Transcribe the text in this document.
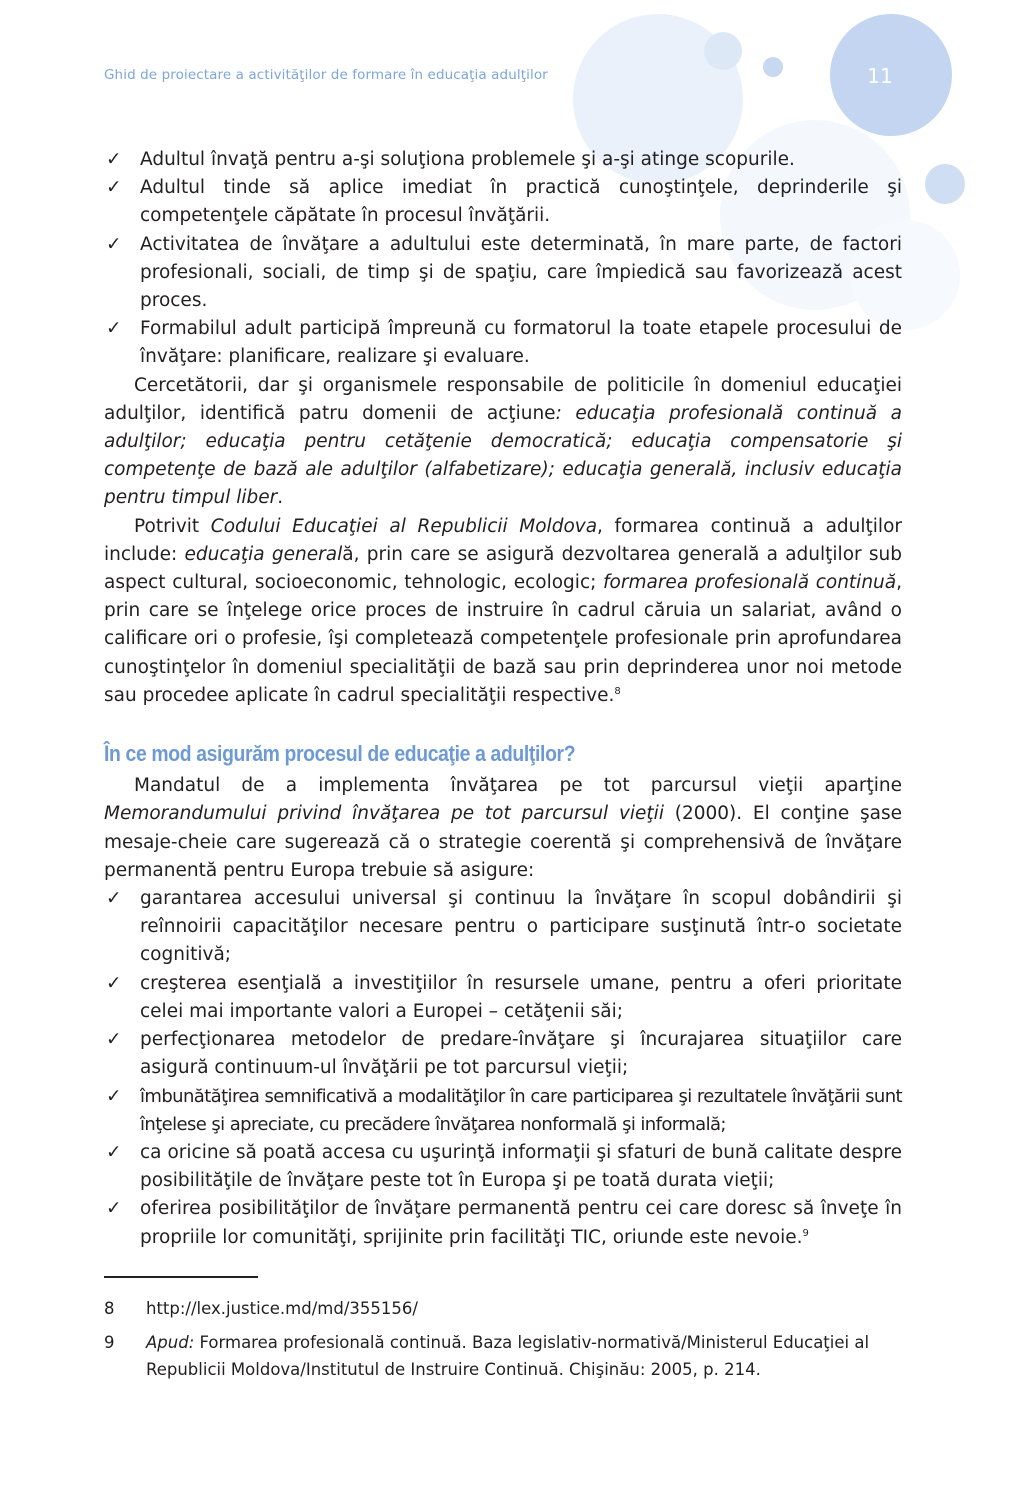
Ghid de proiectare a activităţilor de formare în educaţia adulţilor	11
✓ Adultul învaţă pentru a-şi soluţiona problemele şi a-şi atinge scopurile.
✓ Adultul tinde să aplice imediat în practică cunoştinţele, deprinderile şi competenţele căpătate în procesul învăţării.
✓ Activitatea de învăţare a adultului este determinată, în mare parte, de factori profesionali, sociali, de timp şi de spaţiu, care împiedică sau favorizează acest proces.
✓ Formabilul adult participă împreună cu formatorul la toate etapele procesului de învăţare: planificare, realizare şi evaluare.

Cercetătorii, dar şi organismele responsabile de politicile în domeniul educaţiei adulţilor, identifică patru domenii de acţiune: educaţia profesională continuă a adulţilor; educaţia pentru cetăţenie democratică; educaţia compensatorie şi competenţe de bază ale adulţilor (alfabetizare); educaţia generală, inclusiv educaţia pentru timpul liber.

Potrivit Codului Educaţiei al Republicii Moldova, formarea continuă a adulţilor include: educaţia generală, prin care se asigură dezvoltarea generală a adulţilor sub aspect cultural, socioeconomic, tehnologic, ecologic; formarea profesională continuă, prin care se înţelege orice proces de instruire în cadrul căruia un salariat, având o calificare ori o profesie, îşi completează competenţele profesionale prin aprofundarea cunoştinţelor în domeniul specialităţii de bază sau prin deprinderea unor noi metode sau procedee aplicate în cadrul specialităţii respective.$^8$

În ce mod asigurăm procesul de educaţie a adulţilor?

Mandatul de a implementa învăţarea pe tot parcursul vieţii aparţine Memorandumului privind învăţarea pe tot parcursul vieţii (2000). El conţine şase mesaje-cheie care sugerează că o strategie coerentă şi comprehensivă de învăţare permanentă pentru Europa trebuie să asigure:

✓ garantarea accesului universal şi continuu la învăţare în scopul dobândirii şi reînnoirii capacităţilor necesare pentru o participare susţinută într-o societate cognitivă;
✓ creşterea esenţială a investiţiilor în resursele umane, pentru a oferi prioritate celei mai importante valori a Europei – cetăţenii săi;
✓ perfecţionarea metodelor de predare-învăţare şi încurajarea situaţiilor care asigură continuum-ul învăţării pe tot parcursul vieţii;
✓	îmbunătăţirea semnificativă a modalităţilor în care participarea şi rezultatele învăţării sunt înţelese şi apreciate, cu precădere învăţarea nonformală şi informală;
✓ ca oricine să poată accesa cu uşurinţă informaţii şi sfaturi de bună calitate despre posibilităţile de învăţare peste tot în Europa şi pe toată durata vieţii;
✓ oferirea posibilităţilor de învăţare permanentă pentru cei care doresc să înveţe în propriile lor comunităţi, sprijinite prin facilităţi TIC, oriunde este nevoie.$^9$
8	http://lex.justice.md/md/355156/
9	Apud: Formarea profesională continuă. Baza legislativ-normativă/Ministerul Educaţiei al Republicii Moldova/Institutul de Instruire Continuă. Chişinău: 2005, p. 214.
